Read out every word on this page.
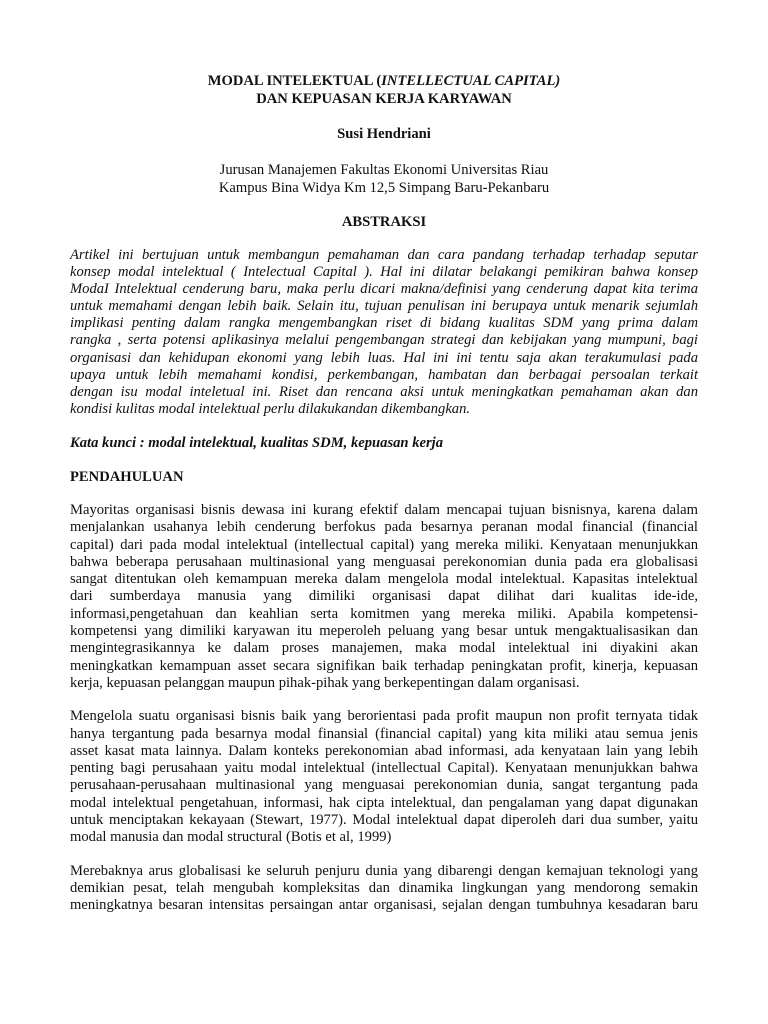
MODAL INTELEKTUAL (INTELLECTUAL CAPITAL)
DAN KEPUASAN KERJA KARYAWAN
Susi Hendriani
Jurusan Manajemen Fakultas Ekonomi Universitas Riau
Kampus Bina Widya Km 12,5 Simpang Baru-Pekanbaru
ABSTRAKSI
Artikel ini bertujuan untuk membangun pemahaman dan cara pandang terhadap terhadap seputar
konsep modal intelektual ( Intelectual Capital ). Hal ini dilatar belakangi pemikiran bahwa konsep
ModaI Intelektual cenderung baru, maka perlu dicari makna/definisi yang cenderung dapat kita terima
untuk memahami dengan lebih baik. Selain itu, tujuan penulisan ini berupaya untuk menarik sejumlah
implikasi penting dalam rangka mengembangkan riset di bidang kualitas SDM yang prima dalam
rangka , serta potensi aplikasinya melalui pengembangan strategi dan kebijakan yang mumpuni, bagi
organisasi dan kehidupan ekonomi yang lebih luas. Hal ini ini tentu saja akan terakumulasi pada
upaya untuk lebih memahami kondisi, perkembangan, hambatan dan berbagai persoalan terkait
dengan isu modal inteletual ini. Riset dan rencana aksi untuk meningkatkan pemahaman akan dan
kondisi kulitas modal intelektual perlu dilakukandan dikembangkan.
Kata kunci : modal intelektual, kualitas SDM, kepuasan kerja
PENDAHULUAN
Mayoritas organisasi bisnis dewasa ini kurang efektif dalam mencapai tujuan bisnisnya, karena dalam
menjalankan usahanya lebih cenderung berfokus pada besarnya peranan modal financial (financial
capital) dari pada modal intelektual (intellectual capital) yang mereka miliki. Kenyataan menunjukkan
bahwa beberapa perusahaan multinasional yang menguasai perekonomian dunia pada era globalisasi
sangat ditentukan oleh kemampuan mereka dalam mengelola modal intelektual. Kapasitas intelektual
dari sumberdaya manusia yang dimiliki organisasi dapat dilihat dari kualitas ide-ide,
informasi,pengetahuan dan keahlian serta komitmen yang mereka miliki. Apabila kompetensi-
kompetensi yang dimiliki karyawan itu meperoleh peluang yang besar untuk mengaktualisasikan dan
mengintegrasikannya ke dalam proses manajemen, maka modal intelektual ini diyakini akan
meningkatkan kemampuan asset secara signifikan baik terhadap peningkatan profit, kinerja, kepuasan
kerja, kepuasan pelanggan maupun pihak-pihak yang berkepentingan dalam organisasi.
Mengelola suatu organisasi bisnis baik yang berorientasi pada profit maupun non profit ternyata tidak
hanya tergantung pada besarnya modal finansial (financial capital) yang kita miliki atau semua jenis
asset kasat mata lainnya. Dalam konteks perekonomian abad informasi, ada kenyataan lain yang lebih
penting bagi perusahaan yaitu modal intelektual (intellectual Capital). Kenyataan menunjukkan bahwa
perusahaan-perusahaan multinasional yang menguasai perekonomian dunia, sangat tergantung pada
modal intelektual pengetahuan, informasi, hak cipta intelektual, dan pengalaman yang dapat digunakan
untuk menciptakan kekayaan (Stewart, 1977). Modal intelektual dapat diperoleh dari dua sumber, yaitu
modal manusia dan modal structural (Botis et al, 1999)
Merebaknya arus globalisasi ke seluruh penjuru dunia yang dibarengi dengan kemajuan teknologi yang
demikian pesat, telah mengubah kompleksitas dan dinamika lingkungan yang mendorong semakin
meningkatnya besaran intensitas persaingan antar organisasi, sejalan dengan tumbuhnya kesadaran baru
